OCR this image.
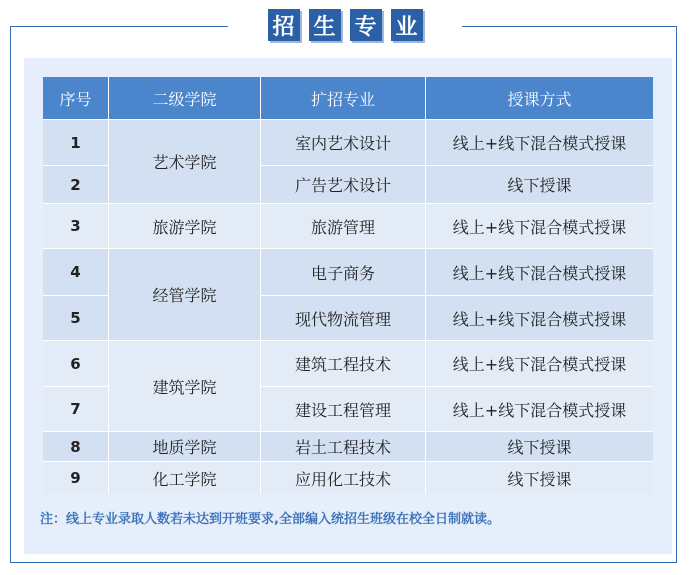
招 生 专 业
序号	二级学院	扩招专业	授课方式
1	艺术学院	室内艺术设计	线上+线下混合模式授课
2		广告艺术设计	线下授课
3	旅游学院	旅游管理	线上+线下混合模式授课
4	经管学院	电子商务	线上+线下混合模式授课
5		现代物流管理	线上+线下混合模式授课
6	建筑学院	建筑工程技术	线上+线下混合模式授课
7		建设工程管理	线上+线下混合模式授课
8	地质学院	岩土工程技术	线下授课
9	化工学院	应用化工技术	线下授课
注：线上专业录取人数若未达到开班要求,全部编入统招生班级在校全日制就读。
